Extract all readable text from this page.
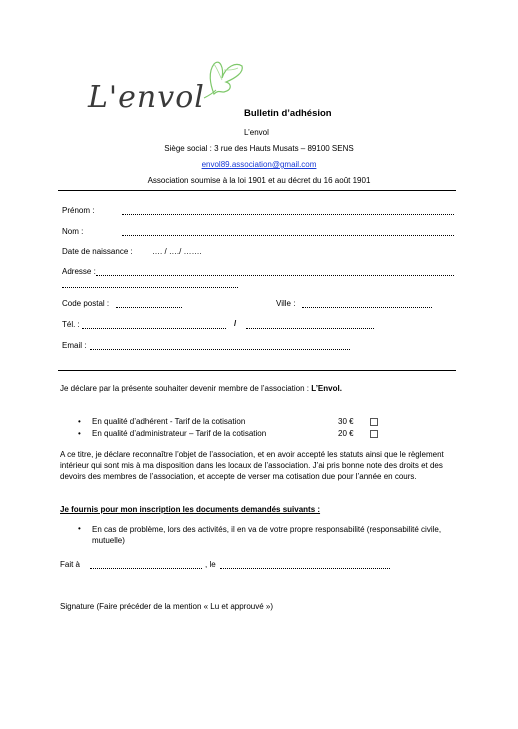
L'envol	Bulletin d’adhésion
L’envol
Siège social : 3 rue des Hauts Musats – 89100 SENS
envol89.association@gmail.com
Association soumise à la loi 1901 et au décret du 16 août 1901
Prénom :
Nom :
Date de naissance : …. / …./ …….
Adresse :
Code postal :	Ville :
Tél. :	/
Email :
Je déclare par la présente souhaiter devenir membre de l’association : L’Envol.
• En qualité d’adhérent - Tarif de la cotisation	30 €
• En qualité d’administrateur – Tarif de la cotisation	20 €
A ce titre, je déclare reconnaître l’objet de l’association, et en avoir accepté les statuts ainsi que le règlement intérieur qui sont mis à ma disposition dans les locaux de l’association. J’ai pris bonne note des droits et des devoirs des membres de l’association, et accepte de verser ma cotisation due pour l’année en cours.
Je fournis pour mon inscription les documents demandés suivants :
• En cas de problème, lors des activités, il en va de votre propre responsabilité (responsabilité civile, mutuelle)
Fait à	, le
Signature (Faire précéder de la mention « Lu et approuvé »)
